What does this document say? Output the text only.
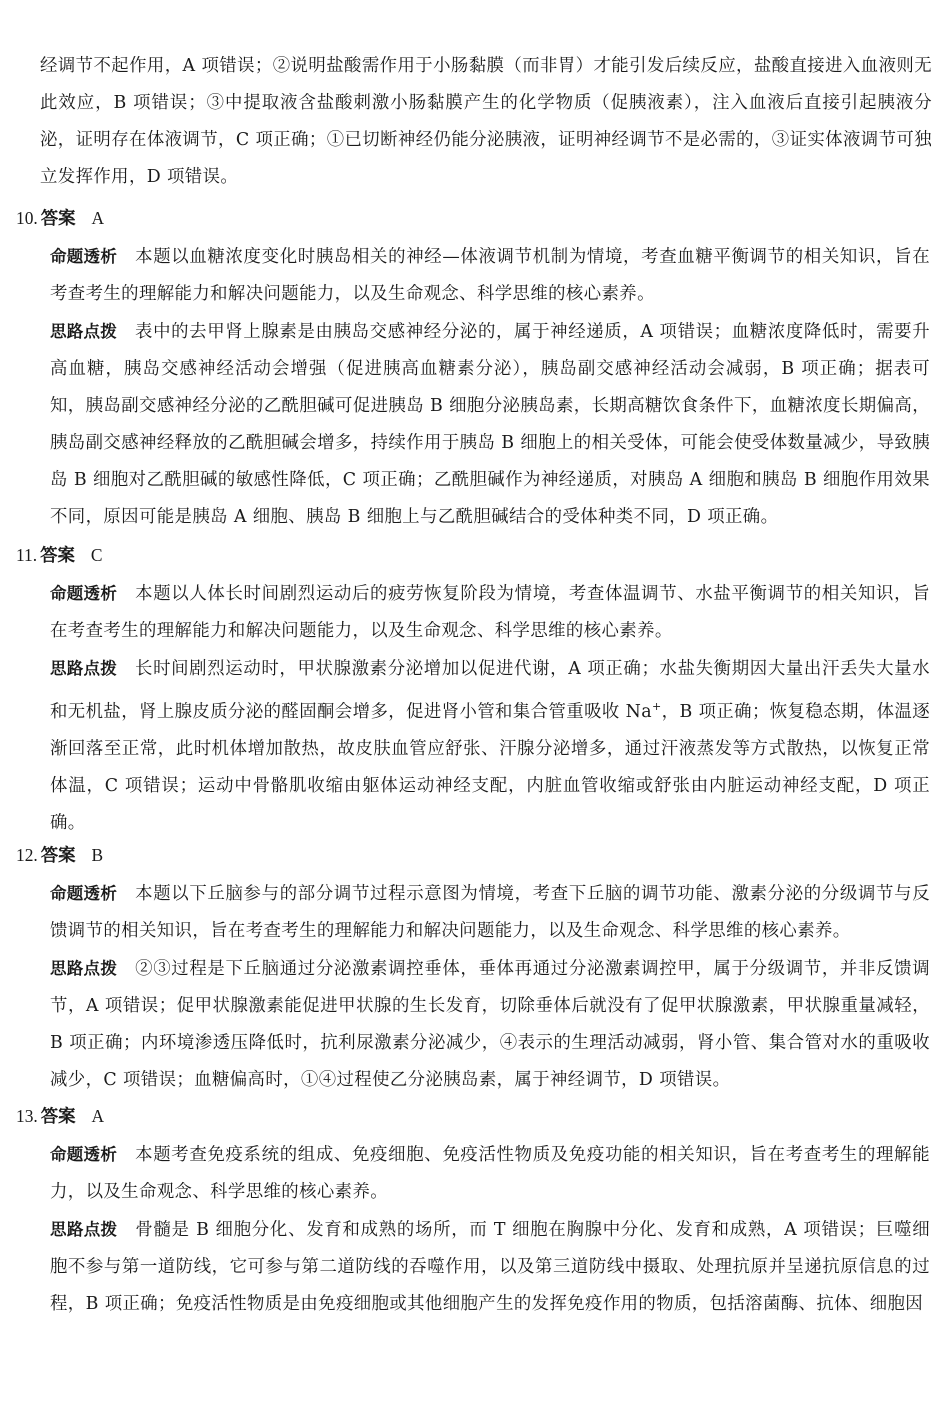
经调节不起作用，A 项错误；②说明盐酸需作用于小肠黏膜（而非胃）才能引发后续反应，盐酸直接进入血液则无此效应，B 项错误；③中提取液含盐酸刺激小肠黏膜产生的化学物质（促胰液素），注入血液后直接引起胰液分泌，证明存在体液调节，C 项正确；①已切断神经仍能分泌胰液，证明神经调节不是必需的，③证实体液调节可独立发挥作用，D 项错误。

10. 答案 A

命题透析 本题以血糖浓度变化时胰岛相关的神经—体液调节机制为情境，考查血糖平衡调节的相关知识，旨在考查考生的理解能力和解决问题能力，以及生命观念、科学思维的核心素养。

思路点拨 表中的去甲肾上腺素是由胰岛交感神经分泌的，属于神经递质，A 项错误；血糖浓度降低时，需要升高血糖，胰岛交感神经活动会增强（促进胰高血糖素分泌），胰岛副交感神经活动会减弱，B 项正确；据表可知，胰岛副交感神经分泌的乙酰胆碱可促进胰岛 B 细胞分泌胰岛素，长期高糖饮食条件下，血糖浓度长期偏高，胰岛副交感神经释放的乙酰胆碱会增多，持续作用于胰岛 B 细胞上的相关受体，可能会使受体数量减少，导致胰岛 B 细胞对乙酰胆碱的敏感性降低，C 项正确；乙酰胆碱作为神经递质，对胰岛 A 细胞和胰岛 B 细胞作用效果不同，原因可能是胰岛 A 细胞、胰岛 B 细胞上与乙酰胆碱结合的受体种类不同，D 项正确。

11. 答案 C

命题透析 本题以人体长时间剧烈运动后的疲劳恢复阶段为情境，考查体温调节、水盐平衡调节的相关知识，旨在考查考生的理解能力和解决问题能力，以及生命观念、科学思维的核心素养。

思路点拨 长时间剧烈运动时，甲状腺激素分泌增加以促进代谢，A 项正确；水盐失衡期因大量出汗丢失大量水和无机盐，肾上腺皮质分泌的醛固酮会增多，促进肾小管和集合管重吸收 Na+，B 项正确；恢复稳态期，体温逐渐回落至正常，此时机体增加散热，故皮肤血管应舒张、汗腺分泌增多，通过汗液蒸发等方式散热，以恢复正常体温，C 项错误；运动中骨骼肌收缩由躯体运动神经支配，内脏血管收缩或舒张由内脏运动神经支配，D 项正确。

12. 答案 B

命题透析 本题以下丘脑参与的部分调节过程示意图为情境，考查下丘脑的调节功能、激素分泌的分级调节与反馈调节的相关知识，旨在考查考生的理解能力和解决问题能力，以及生命观念、科学思维的核心素养。

思路点拨 ②③过程是下丘脑通过分泌激素调控垂体，垂体再通过分泌激素调控甲，属于分级调节，并非反馈调节，A 项错误；促甲状腺激素能促进甲状腺的生长发育，切除垂体后就没有了促甲状腺激素，甲状腺重量减轻，B 项正确；内环境渗透压降低时，抗利尿激素分泌减少，④表示的生理活动减弱，肾小管、集合管对水的重吸收减少，C 项错误；血糖偏高时，①④过程使乙分泌胰岛素，属于神经调节，D 项错误。

13. 答案 A

命题透析 本题考查免疫系统的组成、免疫细胞、免疫活性物质及免疫功能的相关知识，旨在考查考生的理解能力，以及生命观念、科学思维的核心素养。

思路点拨 骨髓是 B 细胞分化、发育和成熟的场所，而 T 细胞在胸腺中分化、发育和成熟，A 项错误；巨噬细胞不参与第一道防线，它可参与第二道防线的吞噬作用，以及第三道防线中摄取、处理抗原并呈递抗原信息的过程，B 项正确；免疫活性物质是由免疫细胞或其他细胞产生的发挥免疫作用的物质，包括溶菌酶、抗体、细胞因
